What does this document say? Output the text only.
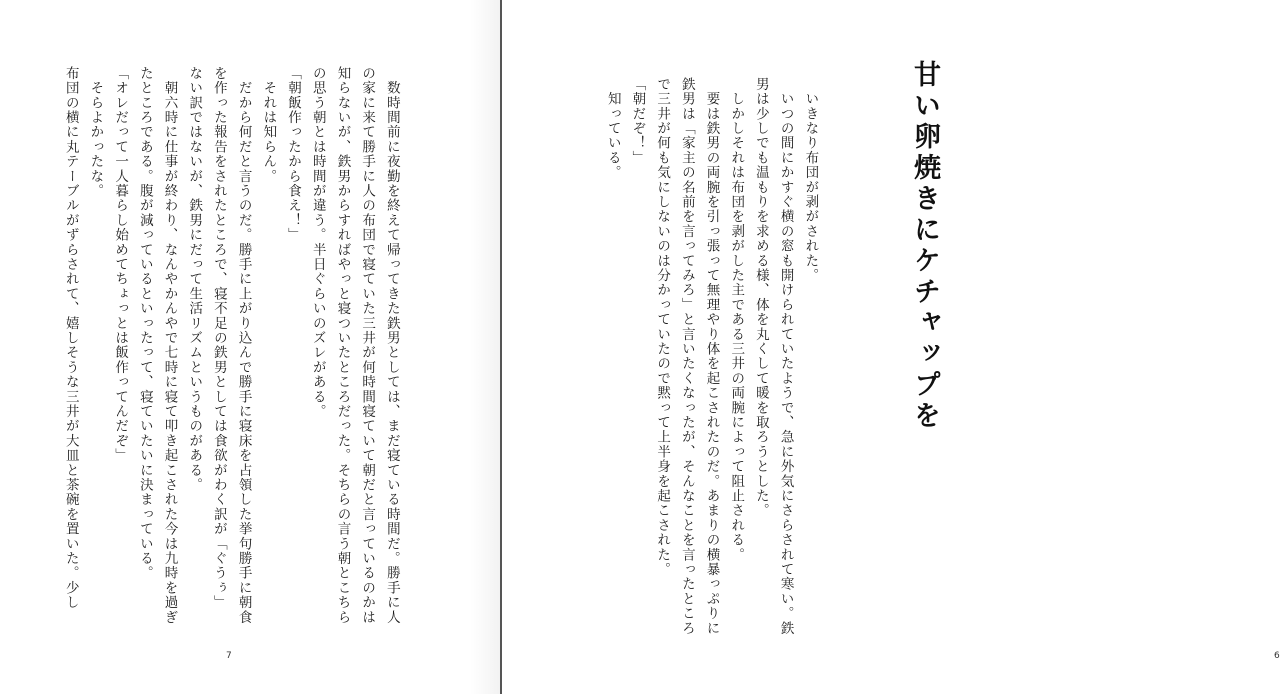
　数時間前に夜勤を終えて帰ってきた鉄男としては、まだ寝ている時間だ。勝手に人

の家に来て勝手に人の布団で寝ていた三井が何時間寝ていて朝だと言っているのかは

知らないが、鉄男からすればやっと寝ついたところだった。そちらの言う朝とこちら

の思う朝とは時間が違う。半日ぐらいのズレがある。

「朝飯作ったから食え！」

　それは知らん。

　だから何だと言うのだ。勝手に上がり込んで勝手に寝床を占領した挙句勝手に朝食

を作った報告をされたところで、寝不足の鉄男としては食欲がわく訳が「ぐうぅ」

ない訳ではないが、鉄男にだって生活リズムというものがある。

　朝六時に仕事が終わり、なんやかんやで七時に寝て叩き起こされた今は九時を過ぎ

たところである。腹が減っているといったって、寝ていたいに決まっている。

「オレだって一人暮らし始めてちょっとは飯作ってんだぞ」

　そらよかったな。

布団の横に丸テーブルがずらされて、嬉しそうな三井が大皿と茶碗を置いた。少し

7	6

　いきなり布団が剥がされた。

　いつの間にかすぐ横の窓も開けられていたようで、急に外気にさらされて寒い。鉄

男は少しでも温もりを求める様、体を丸くして暖を取ろうとした。

　しかしそれは布団を剥がした主である三井の両腕によって阻止される。

　要は鉄男の両腕を引っ張って無理やり体を起こされたのだ。あまりの横暴っぷりに

鉄男は「家主の名前を言ってみろ」と言いたくなったが、そんなことを言ったところ

で三井が何も気にしないのは分かっていたので黙って上半身を起こされた。

「朝だぞ！」

　知っている。	甘い卵焼きにケチャップを
